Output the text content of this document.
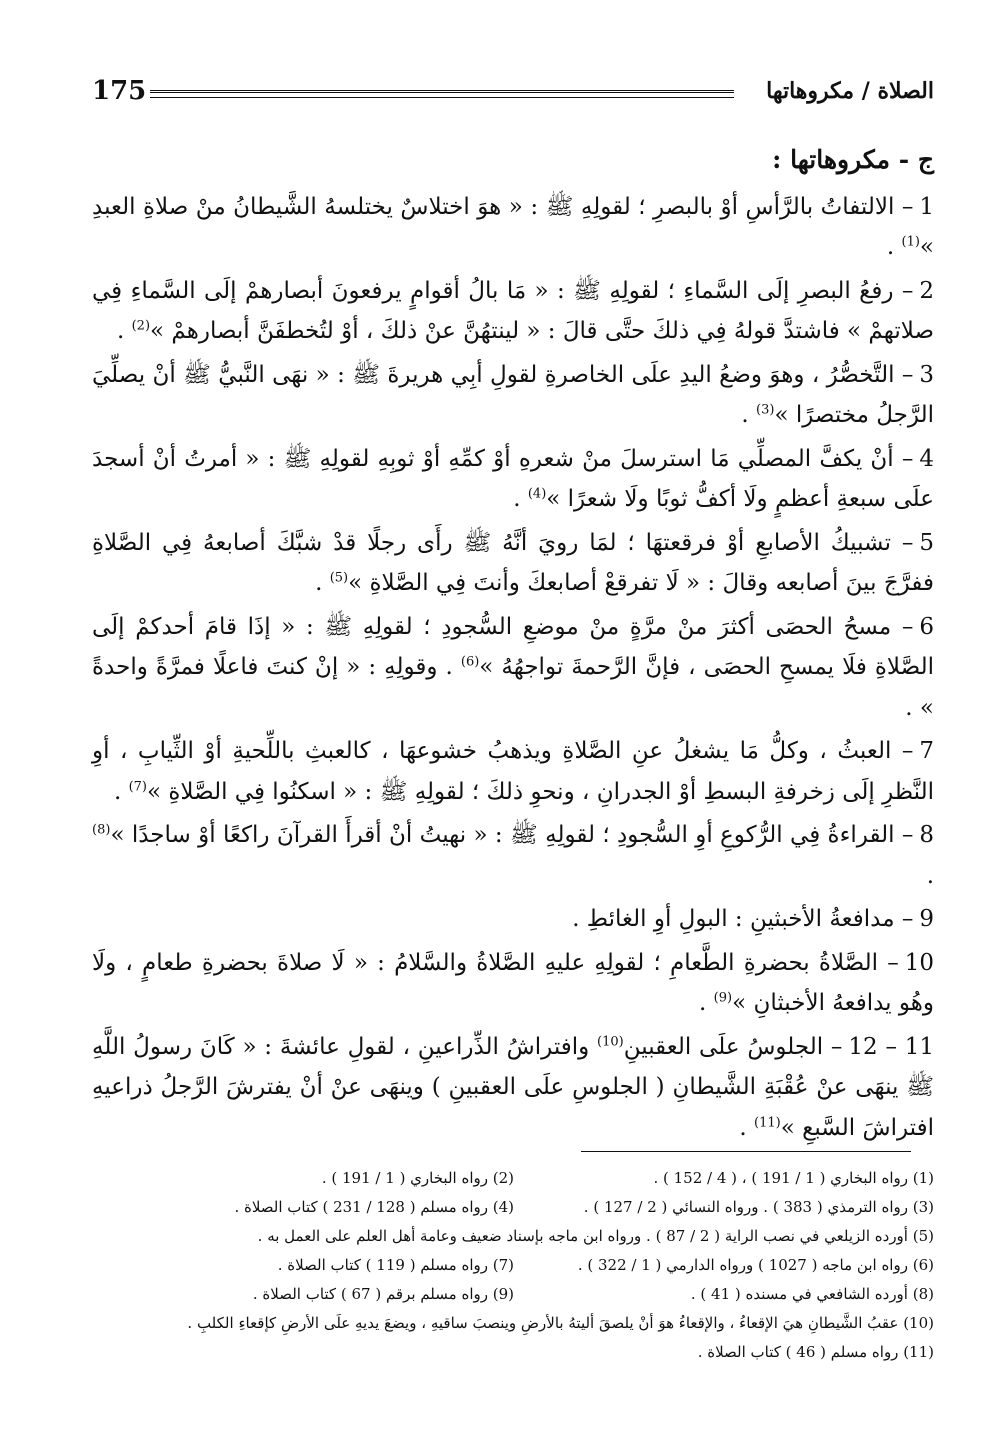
175	الصلاة / مكروهاتها
ج - مكروهاتها :

1– الالتفاتُ بالرَّأسِ أوْ بالبصرِ ؛ لقولِهِ ﷺ : « هوَ اختلاسٌ يختلسهُ الشَّيطانُ منْ صلاةِ العبدِ »$^{(1)}$ .

2– رفعُ البصرِ إلَى السَّماءِ ؛ لقولِهِ ﷺ : « مَا بالُ أقوامٍ يرفعونَ أبصارهمْ إلَى السَّماءِ فِي صلاتهمْ » فاشتدَّ قولهُ فِي ذلكَ حتَّى قالَ : « لينتهُنَّ عنْ ذلكَ ، أوْ لتُخطفَنَّ أبصارهمْ »$^{(2)}$ .

3– التَّخصُّرُ ، وهوَ وضعُ اليدِ علَى الخاصرةِ لقولِ أبِي هريرةَ ﷺ : « نهَى النَّبيُّ ﷺ أنْ يصلِّيَ الرَّجلُ مختصرًا »$^{(3)}$ .

4– أنْ يكفَّ المصلِّي مَا استرسلَ منْ شعرهِ أوْ كمِّهِ أوْ ثوبِهِ لقولِهِ ﷺ : « أمرتُ أنْ أسجدَ علَى سبعةِ أعظمٍ ولَا أكفُّ ثوبًا ولَا شعرًا »$^{(4)}$ .

5– تشبيكُ الأصابعِ أوْ فرقعتهَا ؛ لمَا رويَ أنَّهُ ﷺ رأَى رجلًا قدْ شبَّكَ أصابعهُ فِي الصَّلاةِ ففرَّجَ بينَ أصابعه وقالَ : « لَا تفرقعْ أصابعكَ وأنتَ فِي الصَّلاةِ »$^{(5)}$ .

6– مسحُ الحصَى أكثرَ منْ مرَّةٍ منْ موضعِ السُّجودِ ؛ لقولِهِ ﷺ : « إذَا قامَ أحدكمْ إلَى الصَّلاةِ فلَا يمسحِ الحصَى ، فإنَّ الرَّحمةَ تواجهُهُ »$^{(6)}$ . وقولِهِ : « إنْ كنتَ فاعلًا فمرَّةً واحدةً » .

7– العبثُ ، وكلُّ مَا يشغلُ عنِ الصَّلاةِ ويذهبُ خشوعهَا ، كالعبثِ باللِّحيةِ أوْ الثِّيابِ ، أوِ النَّظرِ إلَى زخرفةِ البسطِ أوْ الجدرانِ ، ونحوِ ذلكَ ؛ لقولِهِ ﷺ : « اسكنُوا فِي الصَّلاةِ »$^{(7)}$ .

8– القراءةُ فِي الرُّكوعِ أوِ السُّجودِ ؛ لقولِهِ ﷺ : « نهيتُ أنْ أقرأَ القرآنَ راكعًا أوْ ساجدًا »$^{(8)}$ .

9– مدافعةُ الأخبثينِ : البولِ أوِ الغائطِ .

10– الصَّلاةُ بحضرةِ الطَّعامِ ؛ لقولِهِ عليهِ الصَّلاةُ والسَّلامُ : « لَا صلاةَ بحضرةِ طعامٍ ، ولَا وهُو يدافعهُ الأخبثانِ »$^{(9)}$ .

11 – 12– الجلوسُ علَى العقبينِ$^{(10)}$ وافتراشُ الذِّراعينِ ، لقولِ عائشةَ : « كَانَ رسولُ اللَّهِ ﷺ ينهَى عنْ عُقْبَةِ الشَّيطانِ ( الجلوسِ علَى العقبينِ ) وينهَى عنْ أنْ يفترشَ الرَّجلُ ذراعيهِ افتراشَ السَّبعِ »$^{(11)}$ .

(1) رواه البخاري ( 1 / 191 ) ، ( 4 / 152 ) .
(2) رواه البخاري ( 1 / 191 ) .
(3) رواه الترمذي ( 383 ) . ورواه النسائي ( 2 / 127 ) .
(4) رواه مسلم ( 128 / 231 ) كتاب الصلاة .
(5) أورده الزيلعي في نصب الراية ( 2 / 87 ) . ورواه ابن ماجه بإسناد ضعيف وعامة أهل العلم على العمل به .
(6) رواه ابن ماجه ( 1027 ) ورواه الدارمي ( 1 / 322 ) .
(7) رواه مسلم ( 119 ) كتاب الصلاة .
(8) أورده الشافعي في مسنده ( 41 ) .
(9) رواه مسلم برقم ( 67 ) كتاب الصلاة .
(10) عقبُ الشَّيطانِ هيَ الإقعاءُ ، والإقعاءُ هوَ أنْ يلصقَ أليتهُ بالأرضِ وينصبَ ساقيهِ ، ويضعَ يديهِ علَى الأرضِ كإقعاءِ الكلبِ .
(11) رواه مسلم ( 46 ) كتاب الصلاة .
